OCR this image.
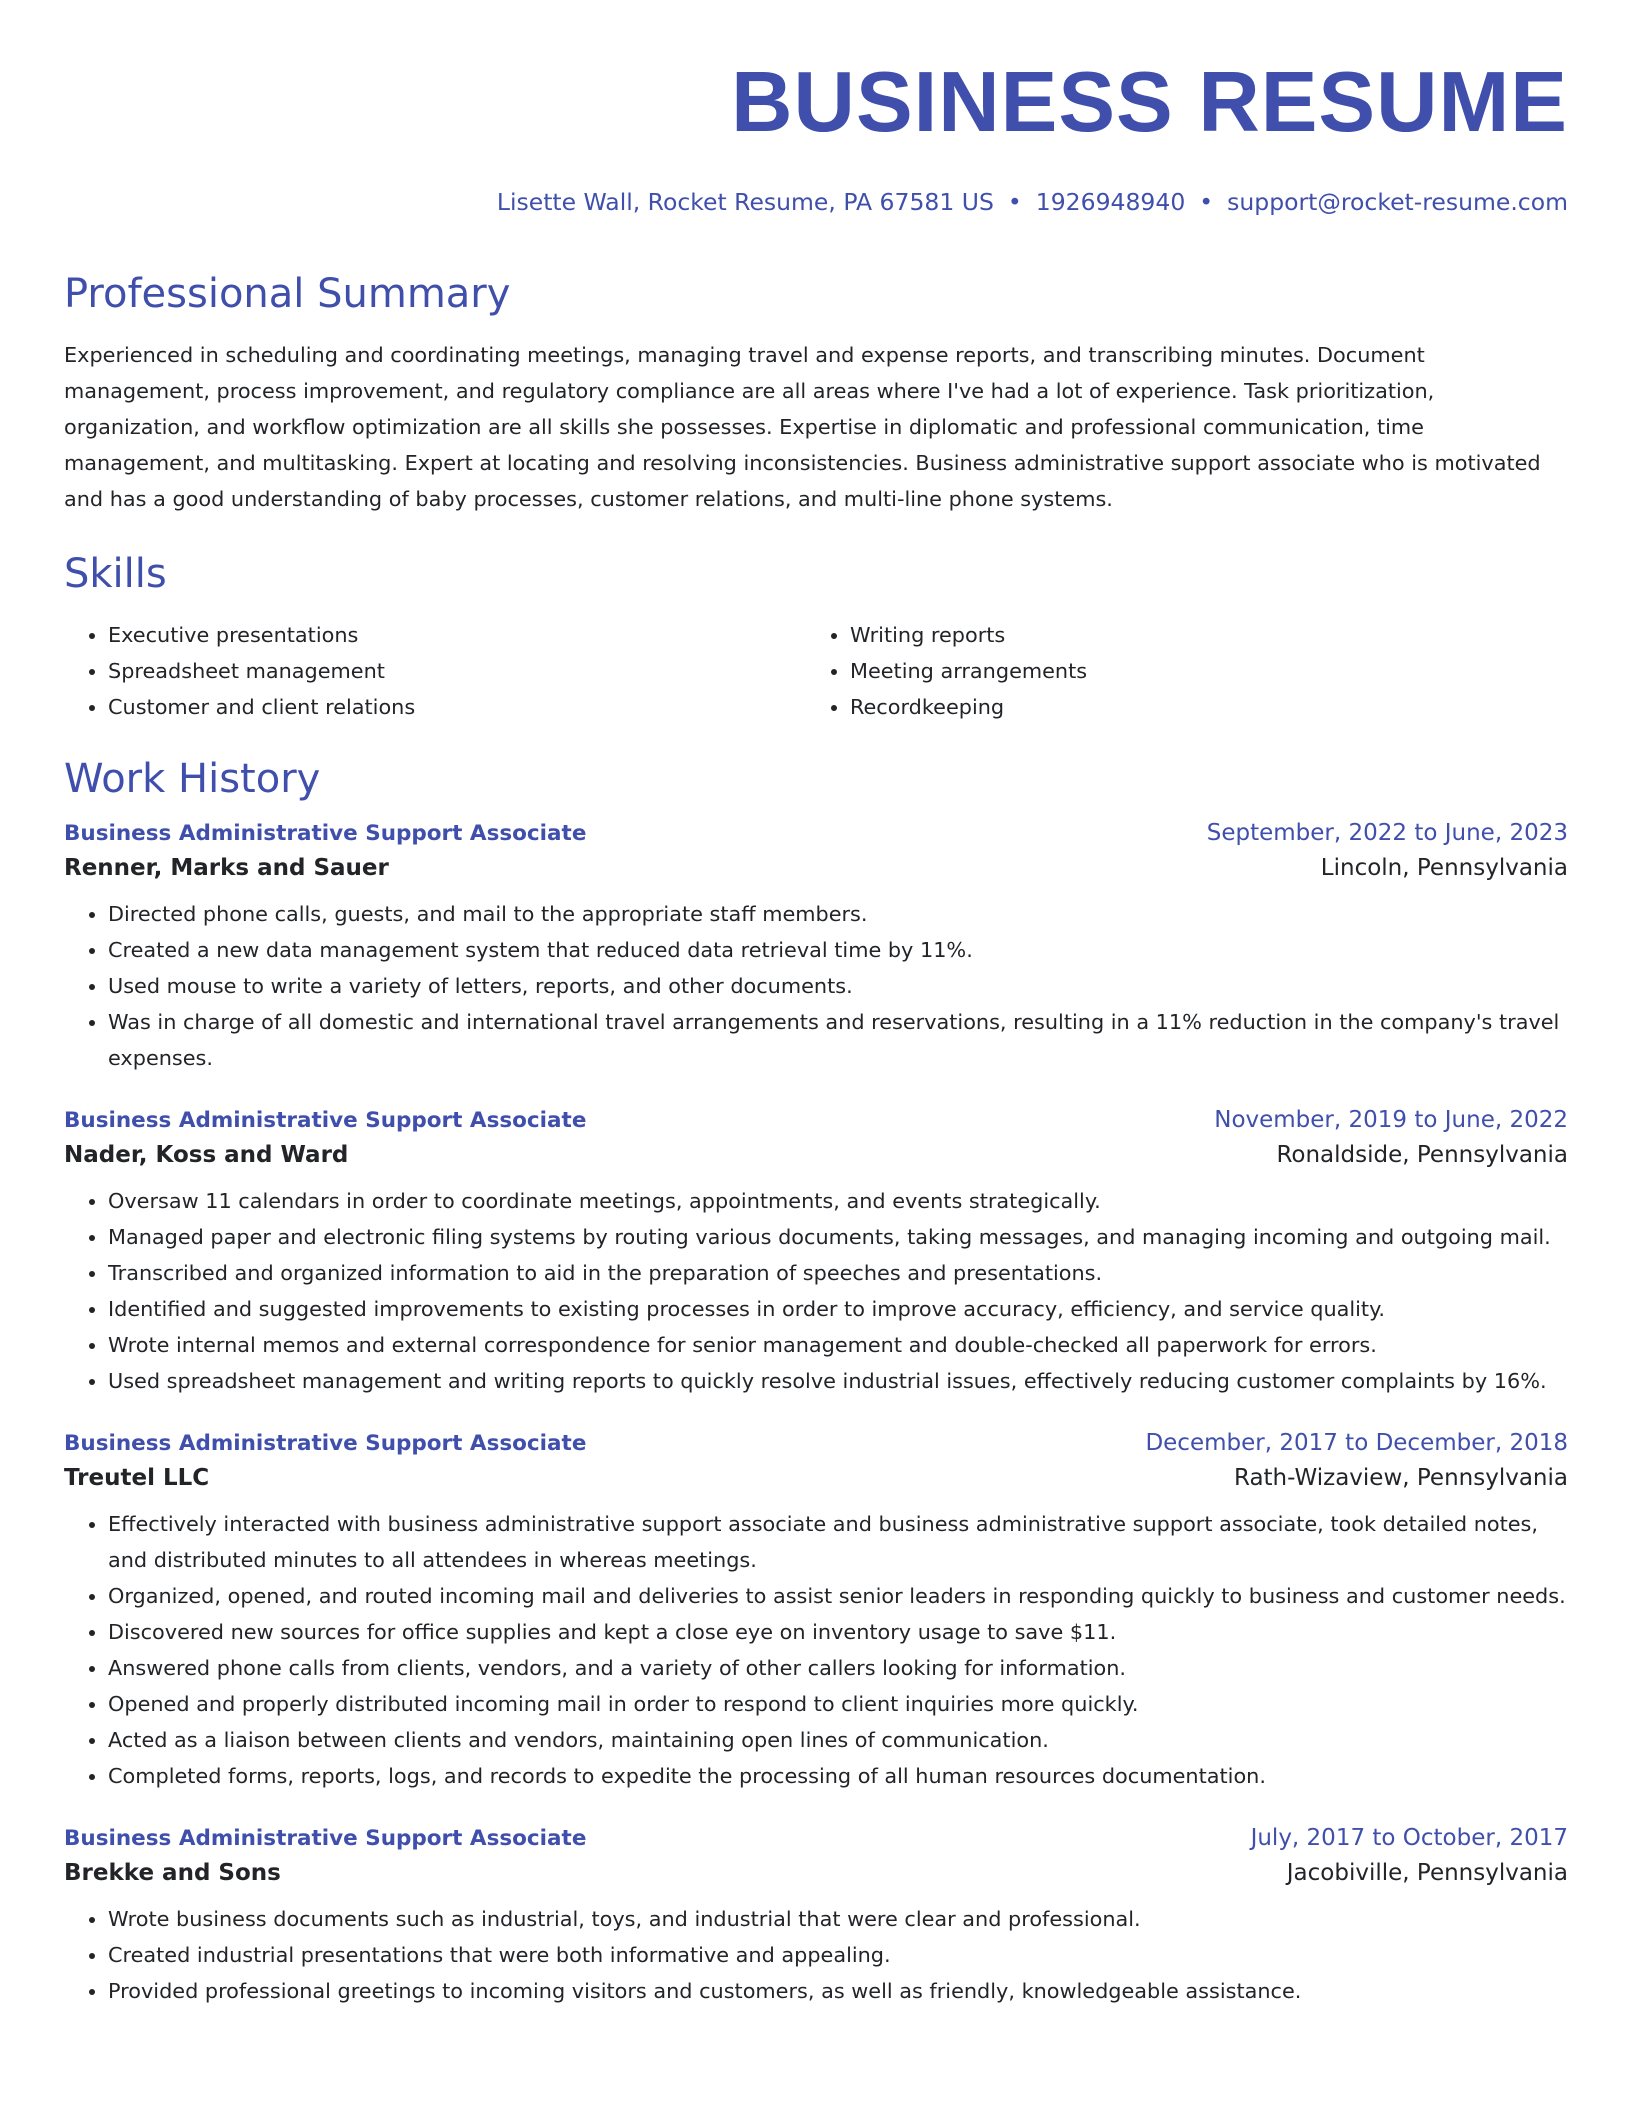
BUSINESS RESUME
Lisette Wall, Rocket Resume, PA 67581 US • 1926948940 • support@rocket-resume.com
Professional Summary
Experienced in scheduling and coordinating meetings, managing travel and expense reports, and transcribing minutes. Document management, process improvement, and regulatory compliance are all areas where I've had a lot of experience. Task prioritization, organization, and workflow optimization are all skills she possesses. Expertise in diplomatic and professional communication, time management, and multitasking. Expert at locating and resolving inconsistencies. Business administrative support associate who is motivated and has a good understanding of baby processes, customer relations, and multi-line phone systems.
Skills
• Executive presentations
• Spreadsheet management
• Customer and client relations
• Writing reports
• Meeting arrangements
• Recordkeeping
Work History
Business Administrative Support Associate	September, 2022 to June, 2023
Renner, Marks and Sauer	Lincoln, Pennsylvania
• Directed phone calls, guests, and mail to the appropriate staff members.
• Created a new data management system that reduced data retrieval time by 11%.
• Used mouse to write a variety of letters, reports, and other documents.
• Was in charge of all domestic and international travel arrangements and reservations, resulting in a 11% reduction in the company's travel expenses.
Business Administrative Support Associate	November, 2019 to June, 2022
Nader, Koss and Ward	Ronaldside, Pennsylvania
• Oversaw 11 calendars in order to coordinate meetings, appointments, and events strategically.
• Managed paper and electronic filing systems by routing various documents, taking messages, and managing incoming and outgoing mail.
• Transcribed and organized information to aid in the preparation of speeches and presentations.
• Identified and suggested improvements to existing processes in order to improve accuracy, efficiency, and service quality.
• Wrote internal memos and external correspondence for senior management and double-checked all paperwork for errors.
• Used spreadsheet management and writing reports to quickly resolve industrial issues, effectively reducing customer complaints by 16%.
Business Administrative Support Associate	December, 2017 to December, 2018
Treutel LLC	Rath-Wizaview, Pennsylvania
• Effectively interacted with business administrative support associate and business administrative support associate, took detailed notes, and distributed minutes to all attendees in whereas meetings.
• Organized, opened, and routed incoming mail and deliveries to assist senior leaders in responding quickly to business and customer needs.
• Discovered new sources for office supplies and kept a close eye on inventory usage to save $11.
• Answered phone calls from clients, vendors, and a variety of other callers looking for information.
• Opened and properly distributed incoming mail in order to respond to client inquiries more quickly.
• Acted as a liaison between clients and vendors, maintaining open lines of communication.
• Completed forms, reports, logs, and records to expedite the processing of all human resources documentation.
Business Administrative Support Associate	July, 2017 to October, 2017
Brekke and Sons	Jacobiville, Pennsylvania
• Wrote business documents such as industrial, toys, and industrial that were clear and professional.
• Created industrial presentations that were both informative and appealing.
• Provided professional greetings to incoming visitors and customers, as well as friendly, knowledgeable assistance.
